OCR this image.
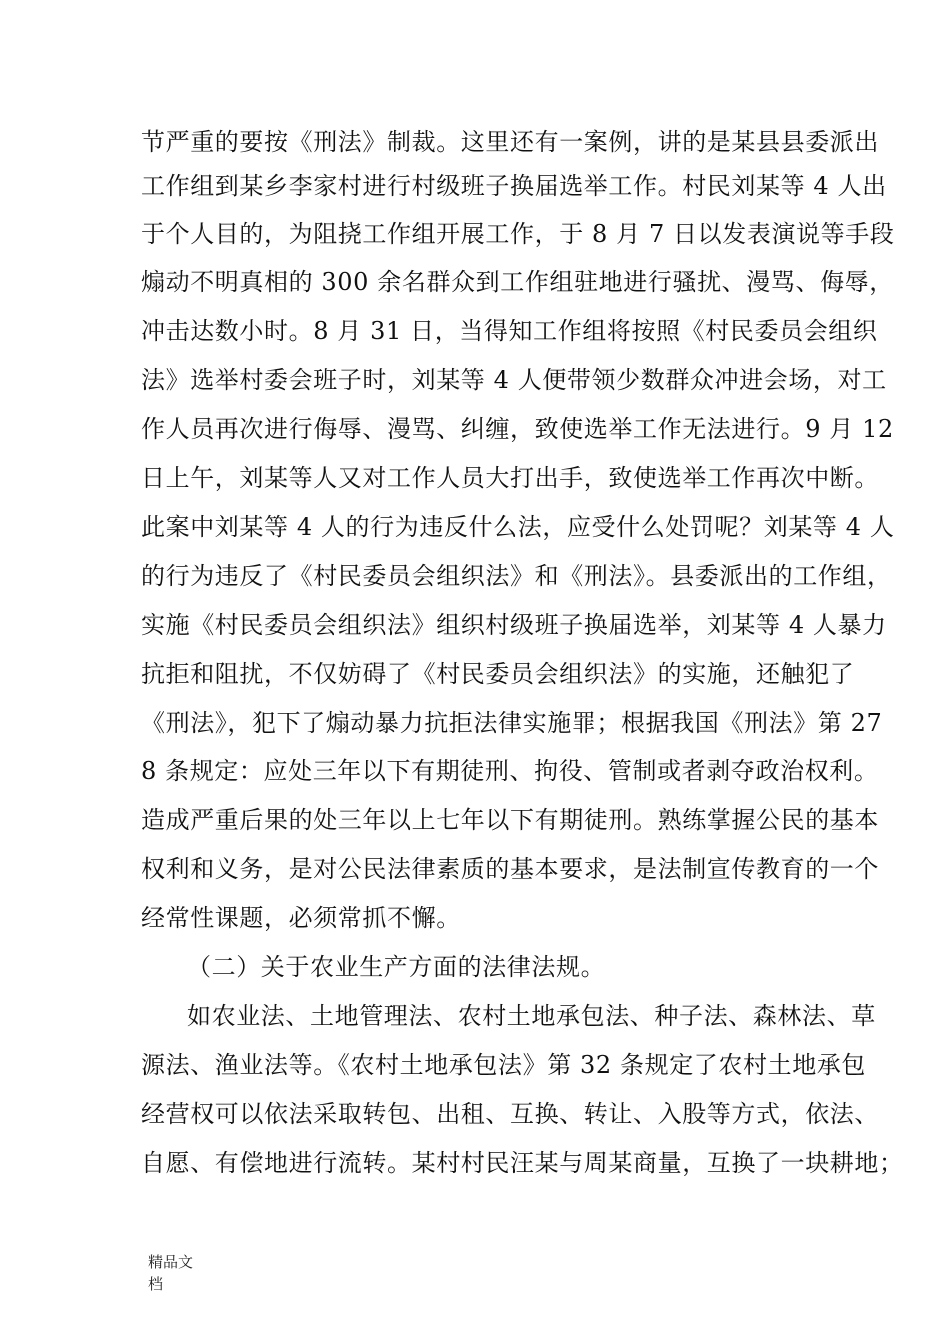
节严重的要按《刑法》制裁。这里还有一案例，讲的是某县县委派出
工作组到某乡李家村进行村级班子换届选举工作。村民刘某等 4 人出
于个人目的，为阻挠工作组开展工作，于 8 月 7 日以发表演说等手段
煽动不明真相的 300 余名群众到工作组驻地进行骚扰、漫骂、侮辱，
冲击达数小时。8 月 31 日，当得知工作组将按照《村民委员会组织
法》选举村委会班子时，刘某等 4 人便带领少数群众冲进会场，对工
作人员再次进行侮辱、漫骂、纠缠，致使选举工作无法进行。9 月 12
日上午，刘某等人又对工作人员大打出手，致使选举工作再次中断。
此案中刘某等 4 人的行为违反什么法，应受什么处罚呢？刘某等 4 人
的行为违反了《村民委员会组织法》和《刑法》。县委派出的工作组，
实施《村民委员会组织法》组织村级班子换届选举，刘某等 4 人暴力
抗拒和阻扰，不仅妨碍了《村民委员会组织法》的实施，还触犯了
《刑法》，犯下了煽动暴力抗拒法律实施罪；根据我国《刑法》第 27
8 条规定：应处三年以下有期徒刑、拘役、管制或者剥夺政治权利。
造成严重后果的处三年以上七年以下有期徒刑。熟练掌握公民的基本
权利和义务，是对公民法律素质的基本要求，是法制宣传教育的一个
经常性课题，必须常抓不懈。
（二）关于农业生产方面的法律法规。
如农业法、土地管理法、农村土地承包法、种子法、森林法、草
源法、渔业法等。《农村土地承包法》第 32 条规定了农村土地承包
经营权可以依法采取转包、出租、互换、转让、入股等方式，依法、
自愿、有偿地进行流转。某村村民汪某与周某商量，互换了一块耕地；
精品文
档
